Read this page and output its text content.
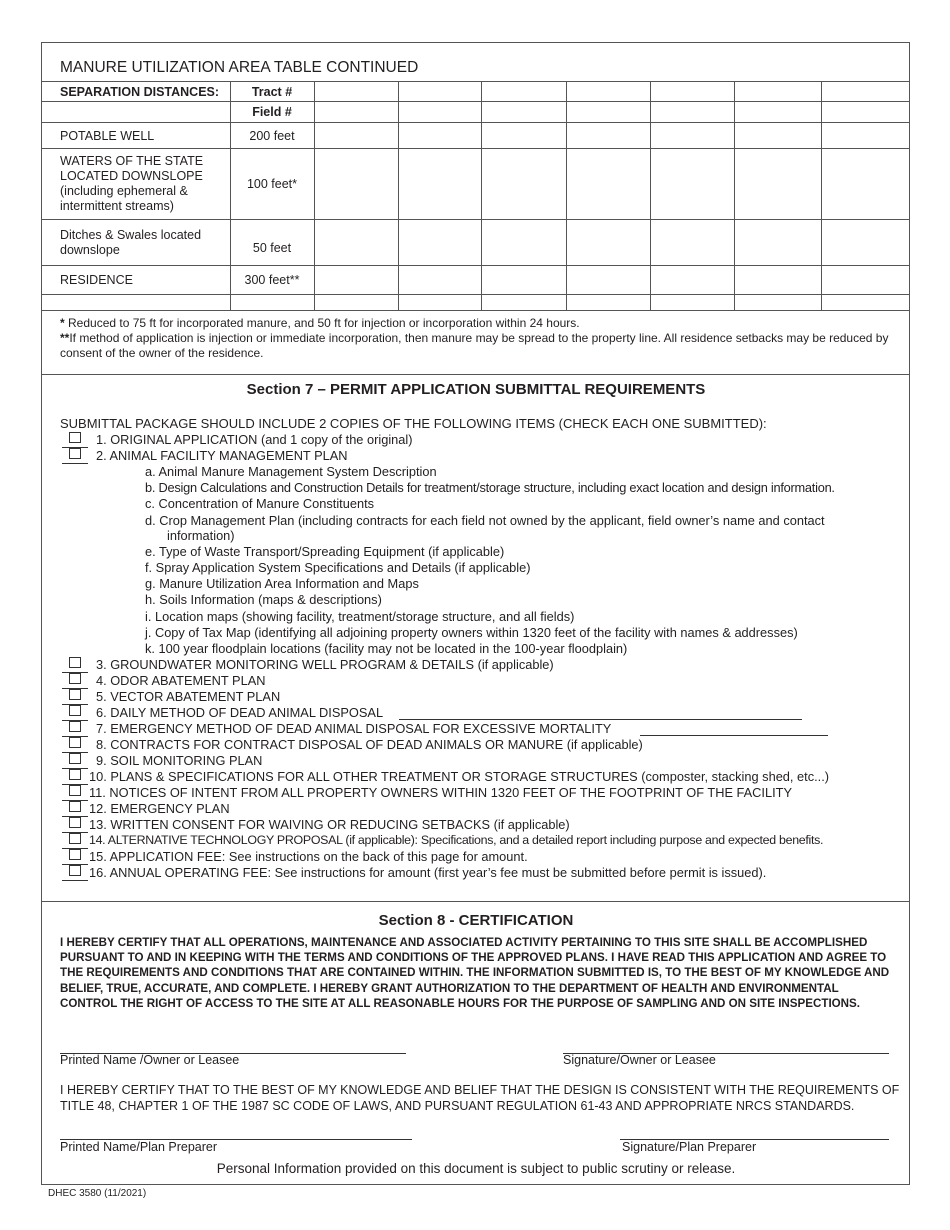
MANURE UTILIZATION AREA TABLE CONTINUED
SEPARATION DISTANCES:	Tract #							
	Field #							
POTABLE WELL	200 feet							
WATERS OF THE STATE LOCATED DOWNSLOPE (including ephemeral & intermittent streams)	100 feet*							
Ditches & Swales located downslope	50 feet							
RESIDENCE	300 feet**							

* Reduced to 75 ft for incorporated manure, and 50 ft for injection or incorporation within 24 hours.
**If method of application is injection or immediate incorporation, then manure may be spread to the property line. All residence setbacks may be reduced by consent of the owner of the residence.
Section 7 – PERMIT APPLICATION SUBMITTAL REQUIREMENTS
SUBMITTAL PACKAGE SHOULD INCLUDE 2 COPIES OF THE FOLLOWING ITEMS (CHECK EACH ONE SUBMITTED):
1. ORIGINAL APPLICATION (and 1 copy of the original)
2. ANIMAL FACILITY MANAGEMENT PLAN
a. Animal Manure Management System Description
b. Design Calculations and Construction Details for treatment/storage structure, including exact location and design information.
c. Concentration of Manure Constituents
d. Crop Management Plan (including contracts for each field not owned by the applicant, field owner’s name and contact
information)
e. Type of Waste Transport/Spreading Equipment (if applicable)
f. Spray Application System Specifications and Details (if applicable)
g. Manure Utilization Area Information and Maps
h. Soils Information (maps & descriptions)
i. Location maps (showing facility, treatment/storage structure, and all fields)
j. Copy of Tax Map (identifying all adjoining property owners within 1320 feet of the facility with names & addresses)
k. 100 year floodplain locations (facility may not be located in the 100-year floodplain)
3. GROUNDWATER MONITORING WELL PROGRAM & DETAILS (if applicable)
4. ODOR ABATEMENT PLAN
5. VECTOR ABATEMENT PLAN
6. DAILY METHOD OF DEAD ANIMAL DISPOSAL
7. EMERGENCY METHOD OF DEAD ANIMAL DISPOSAL FOR EXCESSIVE MORTALITY
8. CONTRACTS FOR CONTRACT DISPOSAL OF DEAD ANIMALS OR MANURE (if applicable)
9. SOIL MONITORING PLAN
10. PLANS & SPECIFICATIONS FOR ALL OTHER TREATMENT OR STORAGE STRUCTURES (composter, stacking shed, etc...)
11. NOTICES OF INTENT FROM ALL PROPERTY OWNERS WITHIN 1320 FEET OF THE FOOTPRINT OF THE FACILITY
12. EMERGENCY PLAN
13. WRITTEN CONSENT FOR WAIVING OR REDUCING SETBACKS (if applicable)
14. ALTERNATIVE TECHNOLOGY PROPOSAL (if applicable): Specifications, and a detailed report including purpose and expected benefits.
15. APPLICATION FEE: See instructions on the back of this page for amount.
16. ANNUAL OPERATING FEE: See instructions for amount (first year’s fee must be submitted before permit is issued).
Section 8 - CERTIFICATION
I HEREBY CERTIFY THAT ALL OPERATIONS, MAINTENANCE AND ASSOCIATED ACTIVITY PERTAINING TO THIS SITE SHALL BE ACCOMPLISHED PURSUANT TO AND IN KEEPING WITH THE TERMS AND CONDITIONS OF THE APPROVED PLANS. I HAVE READ THIS APPLICATION AND AGREE TO THE REQUIREMENTS AND CONDITIONS THAT ARE CONTAINED WITHIN. THE INFORMATION SUBMITTED IS, TO THE BEST OF MY KNOWLEDGE AND BELIEF, TRUE, ACCURATE, AND COMPLETE. I HEREBY GRANT AUTHORIZATION TO THE DEPARTMENT OF HEALTH AND ENVIRONMENTAL CONTROL THE RIGHT OF ACCESS TO THE SITE AT ALL REASONABLE HOURS FOR THE PURPOSE OF SAMPLING AND ON SITE INSPECTIONS.
Printed Name /Owner or Leasee	Signature/Owner or Leasee
I HEREBY CERTIFY THAT TO THE BEST OF MY KNOWLEDGE AND BELIEF THAT THE DESIGN IS CONSISTENT WITH THE REQUIREMENTS OF TITLE 48, CHAPTER 1 OF THE 1987 SC CODE OF LAWS, AND PURSUANT REGULATION 61-43 AND APPROPRIATE NRCS STANDARDS.
Printed Name/Plan Preparer	Signature/Plan Preparer
Personal Information provided on this document is subject to public scrutiny or release.
DHEC 3580 (11/2021)
